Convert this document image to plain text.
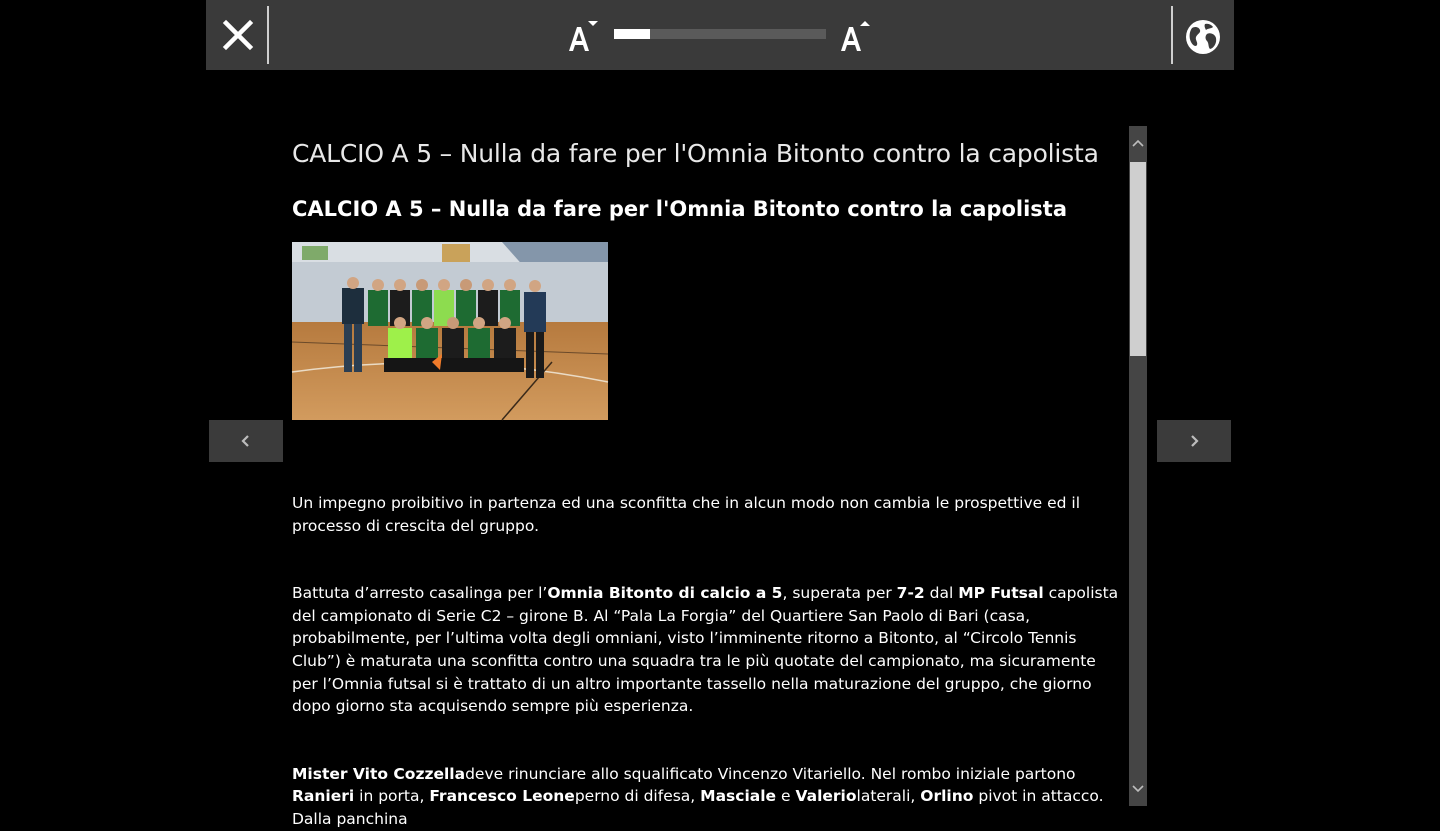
CALCIO A 5 – Nulla da fare per l'Omnia Bitonto contro la capolista
CALCIO A 5 – Nulla da fare per l'Omnia Bitonto contro la capolista

Un impegno proibitivo in partenza ed una sconfitta che in alcun modo non cambia le prospettive ed il processo di crescita del gruppo.

Battuta d’arresto casalinga per l’Omnia Bitonto di calcio a 5, superata per 7-2 dal MP Futsal capolista del campionato di Serie C2 – girone B. Al “Pala La Forgia” del Quartiere San Paolo di Bari (casa, probabilmente, per l’ultima volta degli omniani, visto l’imminente ritorno a Bitonto, al “Circolo Tennis Club”) è maturata una sconfitta contro una squadra tra le più quotate del campionato, ma sicuramente per l’Omnia futsal si è trattato di un altro importante tassello nella maturazione del gruppo, che giorno dopo giorno sta acquisendo sempre più esperienza.

Mister Vito Cozzelladeve rinunciare allo squalificato Vincenzo Vitariello. Nel rombo iniziale partono Ranieri in porta, Francesco Leoneperno di difesa, Masciale e Valeriolaterali, Orlino pivot in attacco. Dalla panchina
